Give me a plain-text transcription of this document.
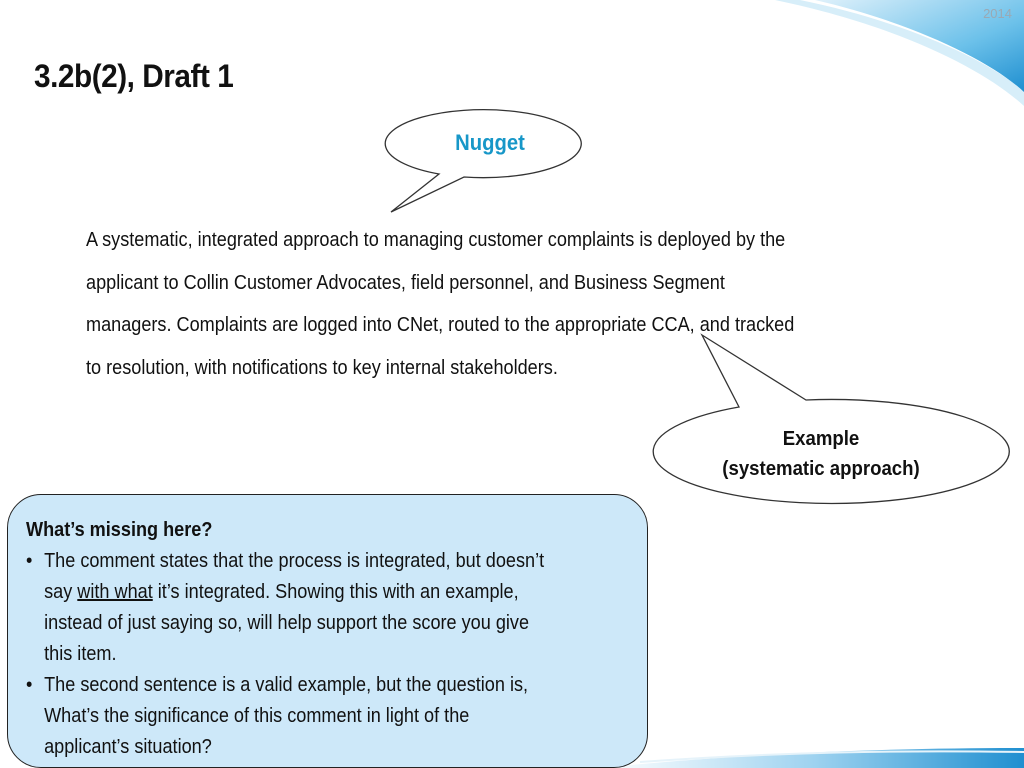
2014
3.2b(2), Draft 1
Nugget
Example
(systematic approach)
A systematic, integrated approach to managing customer complaints is deployed by the
applicant to Collin Customer Advocates, field personnel, and Business Segment
managers. Complaints are logged into CNet, routed to the appropriate CCA, and tracked
to resolution, with notifications to key internal stakeholders.
What’s missing here?
• The comment states that the process is integrated, but doesn’t
say with what it’s integrated. Showing this with an example,
instead of just saying so, will help support the score you give
this item.
• The second sentence is a valid example, but the question is,
What’s the significance of this comment in light of the
applicant’s situation?
